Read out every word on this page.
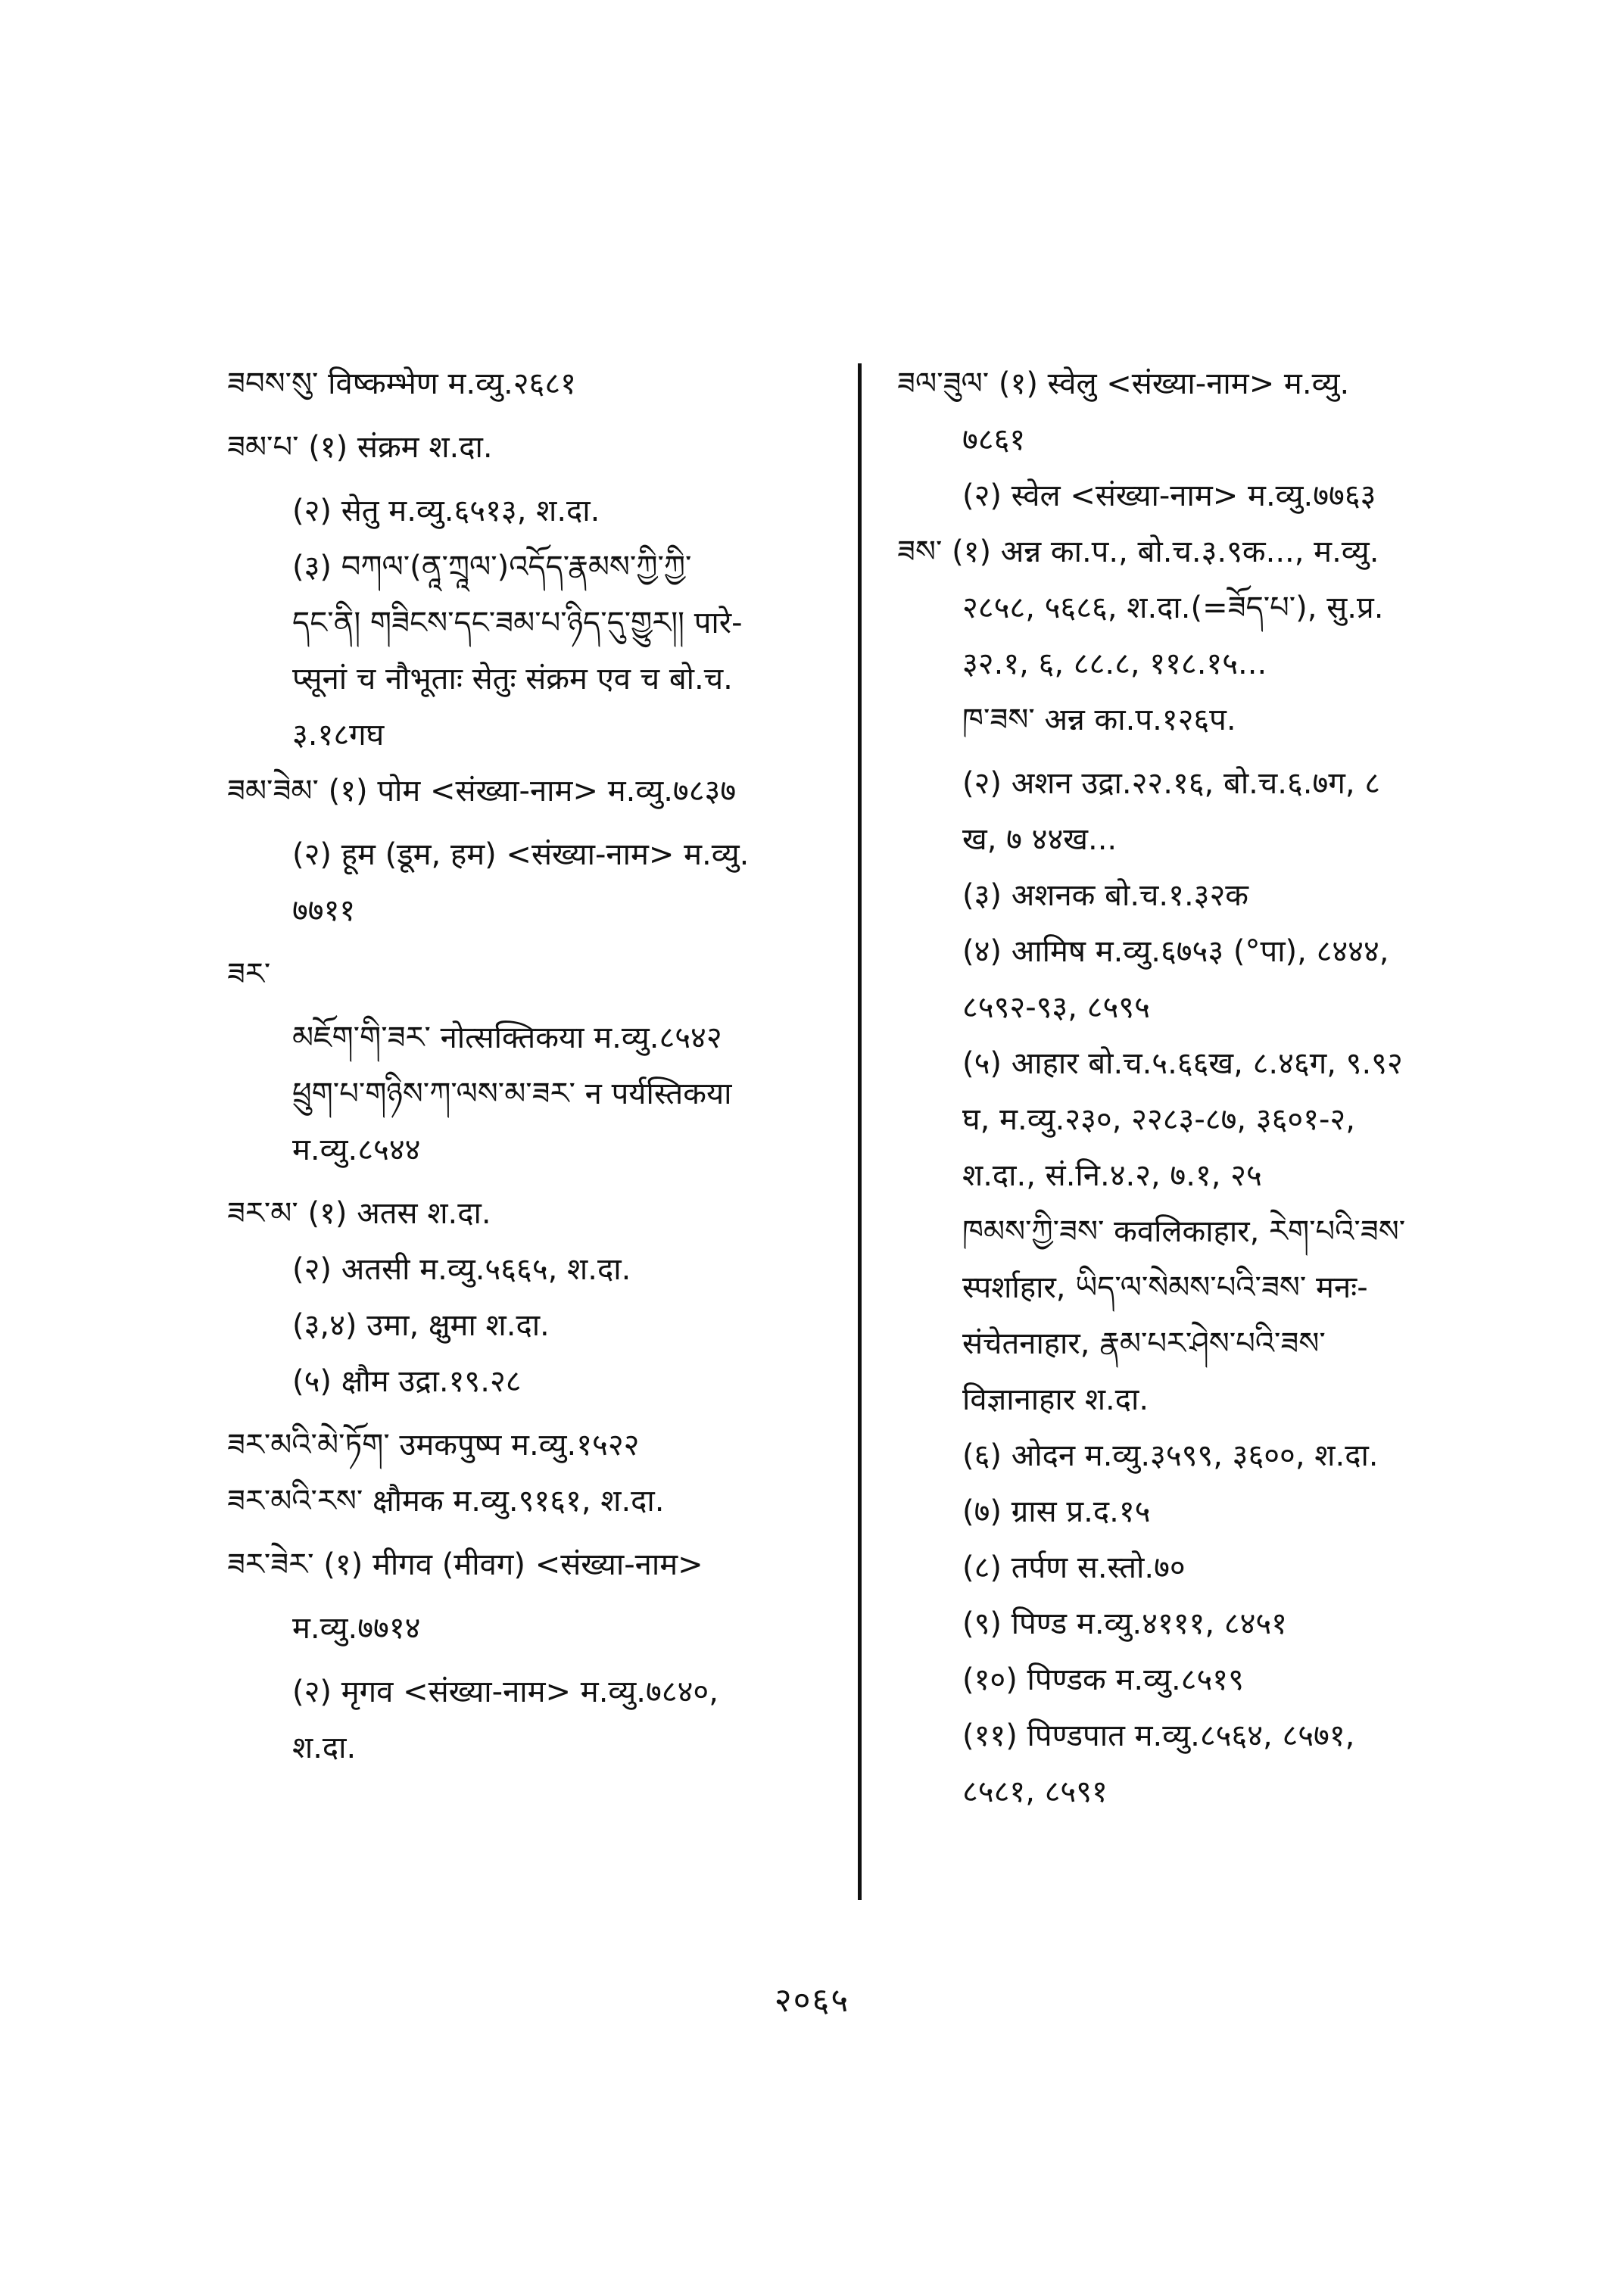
ཟབས་སུ་ विष्कम्भेण म.व्यु.२६८१

ཟམ་པ་ (१) संक्रम श.दा.

(२) सेतु म.व्यु.६५१३, श.दा.

(३) བཀལ་(ནཱ་ཀྲཱལ་)འདོད་རྣམས་ཀྱི་ཀྱི་

དང་ནི། གཟིངས་དང་ཟམ་པ་ཉིད་དུ་གྱུར།། पारे-

प्सूनां च नौभूताः सेतुः संक्रम एव च बो.च.

३.१८गघ

ཟམ་ཟེམ་ (१) पोम <संख्या-नाम> म.व्यु.७८३७

(२) हूम (डूम, हम) <संख्या-नाम> म.व्यु.

७७११

ཟར་

མཇོག་གི་ཟར་ नोत्सक्तिकया म.व्यु.८५४२

ཕྲུག་པ་གཉིས་ཀ་ལས་མ་ཟར་ न पर्यस्तिकया

म.व्यु.८५४४

ཟར་མ་ (१) अतस श.दा.

(२) अतसी म.व्यु.५६६५, श.दा.

(३,४) उमा, क्षुमा श.दा.

(५) क्षौम उद्रा.१९.२८

ཟར་མའི་མེ་ཏོག་ उमकपुष्प म.व्यु.१५२२

ཟར་མའི་རས་ क्षौमक म.व्यु.९१६१, श.दा.

ཟར་ཟེར་ (१) मीगव (मीवग) <संख्या-नाम>

म.व्यु.७७१४

(२) मृगव <संख्या-नाम> म.व्यु.७८४०,

श.दा.

ཟལ་ཟུལ་ (१) स्वेलु <संख्या-नाम> म.व्यु.

७८६१

(२) स्वेल <संख्या-नाम> म.व्यु.७७६३

ཟས་ (१) अन्न का.प., बो.च.३.९क..., म.व्यु.

२८५८, ५६८६, श.दा.(=ཟོད་པ་), सु.प्र.

३२.१, ६, ८८.८, ११८.१५...

ཁ་ཟས་ अन्न का.प.१२६प.

(२) अशन उद्रा.२२.१६, बो.च.६.७ग, ८

ख, ७ ४४ख...

(३) अशनक बो.च.१.३२क

(४) आमिष म.व्यु.६७५३ (°पा), ८४४४,

८५९२-९३, ८५९५

(५) आहार बो.च.५.६६ख, ८.४६ग, ९.९२

घ, म.व्यु.२३०, २२८३-८७, ३६०१-२,

श.दा., सं.नि.४.२, ७.१, २५

ཁམས་ཀྱི་ཟས་ कवलिकाहार, རེག་པའི་ཟས་

स्पर्शाहार, ཡིད་ལ་སེམས་པའི་ཟས་ मनः-

संचेतनाहार, རྣམ་པར་ཤེས་པའི་ཟས་

विज्ञानाहार श.दा.

(६) ओदन म.व्यु.३५९९, ३६००, श.दा.

(७) ग्रास प्र.द.१५

(८) तर्पण स.स्तो.७०

(९) पिण्ड म.व्यु.४१११, ८४५१

(१०) पिण्डक म.व्यु.८५१९

(११) पिण्डपात म.व्यु.८५६४, ८५७१,

८५८१, ८५९१

२०६५
